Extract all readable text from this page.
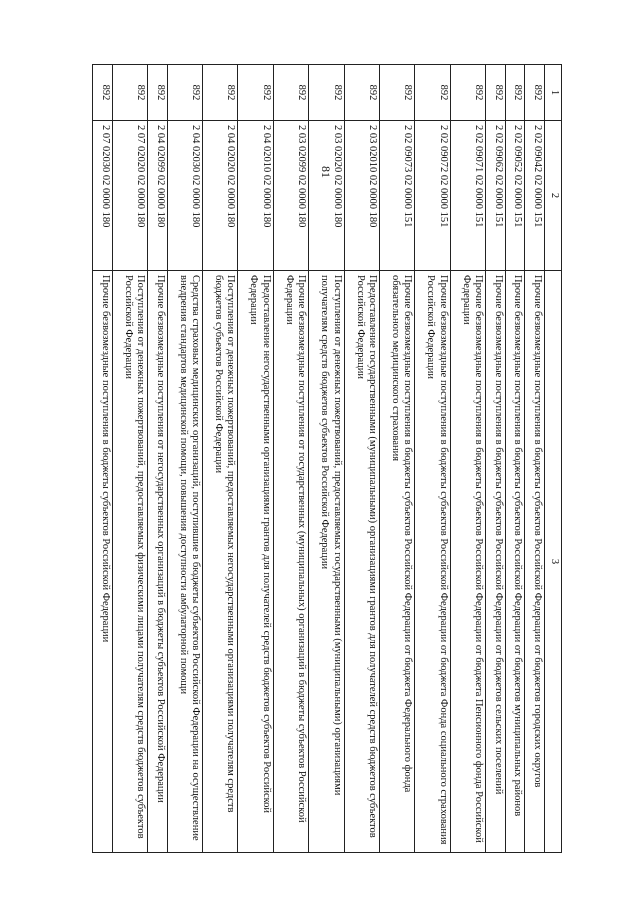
81
1	2	3
892	2 02 09042 02 0000 151	Прочие безвозмездные поступления в бюджеты субъектов Российской Федерации от бюджетов городских округов
892	2 02 09052 02 0000 151	Прочие безвозмездные поступления в бюджеты субъектов Российской Федерации от бюджетов муниципальных районов
892	2 02 09062 02 0000 151	Прочие безвозмездные поступления в бюджеты субъектов Российской Федерации от бюджетов сельских поселений
892	2 02 09071 02 0000 151	Прочие безвозмездные поступления в бюджеты субъектов Российской Федерации от бюджета Пенсионного фонда Российской Федерации
892	2 02 09072 02 0000 151	Прочие безвозмездные поступления в бюджеты субъектов Российской Федерации от бюджета Фонда социального страхования Российской Федерации
892	2 02 09073 02 0000 151	Прочие безвозмездные поступления в бюджеты субъектов Российской Федерации от бюджета Федерального фонда обязательного медицинского страхования
892	2 03 02010 02 0000 180	Предоставление государственными (муниципальными) организациями грантов для получателей средств бюджетов субъектов Российской Федерации
892	2 03 02020 02 0000 180	Поступления от денежных пожертвований, предоставляемых государственными (муниципальными) организациями получателям средств бюджетов субъектов Российской Федерации
892	2 03 02099 02 0000 180	Прочие безвозмездные поступления от государственных (муниципальных) организаций в бюджеты субъектов Российской Федерации
892	2 04 02010 02 0000 180	Предоставление негосударственными организациями грантов для получателей средств бюджетов субъектов Российской Федерации
892	2 04 02020 02 0000 180	Поступления от денежных пожертвований, предоставляемых негосударственными организациями получателям средств бюджетов субъектов Российской Федерации
892	2 04 02030 02 0000 180	Средства страховых медицинских организаций, поступившие в бюджеты субъектов Российской Федерации на осуществление внедрения стандартов медицинской помощи, повышения доступности амбулаторной помощи
892	2 04 02099 02 0000 180	Прочие безвозмездные поступления от негосударственных организаций в бюджеты субъектов Российской Федерации
892	2 07 02020 02 0000 180	Поступления от денежных пожертвований, предоставляемых физическими лицами получателям средств бюджетов субъектов Российской Федерации
892	2 07 02030 02 0000 180	Прочие безвозмездные поступления в бюджеты субъектов Российской Федерации
